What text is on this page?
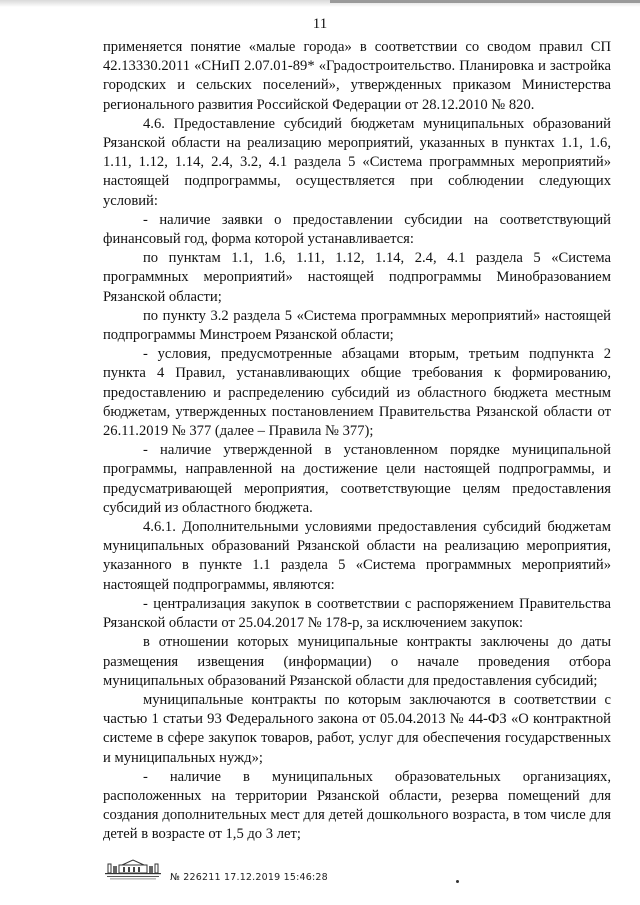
11

применяется понятие «малые города» в соответствии со сводом правил СП 42.13330.2011 «СНиП 2.07.01-89* «Градостроительство. Планировка и застройка городских и сельских поселений», утвержденных приказом Министерства регионального развития Российской Федерации от 28.12.2010 № 820.

4.6. Предоставление субсидий бюджетам муниципальных образований Рязанской области на реализацию мероприятий, указанных в пунктах 1.1, 1.6, 1.11, 1.12, 1.14, 2.4, 3.2, 4.1 раздела 5 «Система программных мероприятий» настоящей подпрограммы, осуществляется при соблюдении следующих условий:

- наличие заявки о предоставлении субсидии на соответствующий финансовый год, форма которой устанавливается:

по пунктам 1.1, 1.6, 1.11, 1.12, 1.14, 2.4, 4.1 раздела 5 «Система программных мероприятий» настоящей подпрограммы Минобразованием Рязанской области;

по пункту 3.2 раздела 5 «Система программных мероприятий» настоящей подпрограммы Минстроем Рязанской области;

- условия, предусмотренные абзацами вторым, третьим подпункта 2 пункта 4 Правил, устанавливающих общие требования к формированию, предоставлению и распределению субсидий из областного бюджета местным бюджетам, утвержденных постановлением Правительства Рязанской области от 26.11.2019 № 377 (далее – Правила № 377);

- наличие утвержденной в установленном порядке муниципальной программы, направленной на достижение цели настоящей подпрограммы, и предусматривающей мероприятия, соответствующие целям предоставления субсидий из областного бюджета.

4.6.1. Дополнительными условиями предоставления субсидий бюджетам муниципальных образований Рязанской области на реализацию мероприятия, указанного в пункте 1.1 раздела 5 «Система программных мероприятий» настоящей подпрограммы, являются:

- централизация закупок в соответствии с распоряжением Правительства Рязанской области от 25.04.2017 № 178-р, за исключением закупок:

в отношении которых муниципальные контракты заключены до даты размещения извещения (информации) о начале проведения отбора муниципальных образований Рязанской области для предоставления субсидий;

муниципальные контракты по которым заключаются в соответствии с частью 1 статьи 93 Федерального закона от 05.04.2013 № 44-ФЗ «О контрактной системе в сфере закупок товаров, работ, услуг для обеспечения государственных и муниципальных нужд»;

- наличие в муниципальных образовательных организациях, расположенных на территории Рязанской области, резерва помещений для создания дополнительных мест для детей дошкольного возраста, в том числе для детей в возрасте от 1,5 до 3 лет;

№ 226211 17.12.2019 15:46:28
